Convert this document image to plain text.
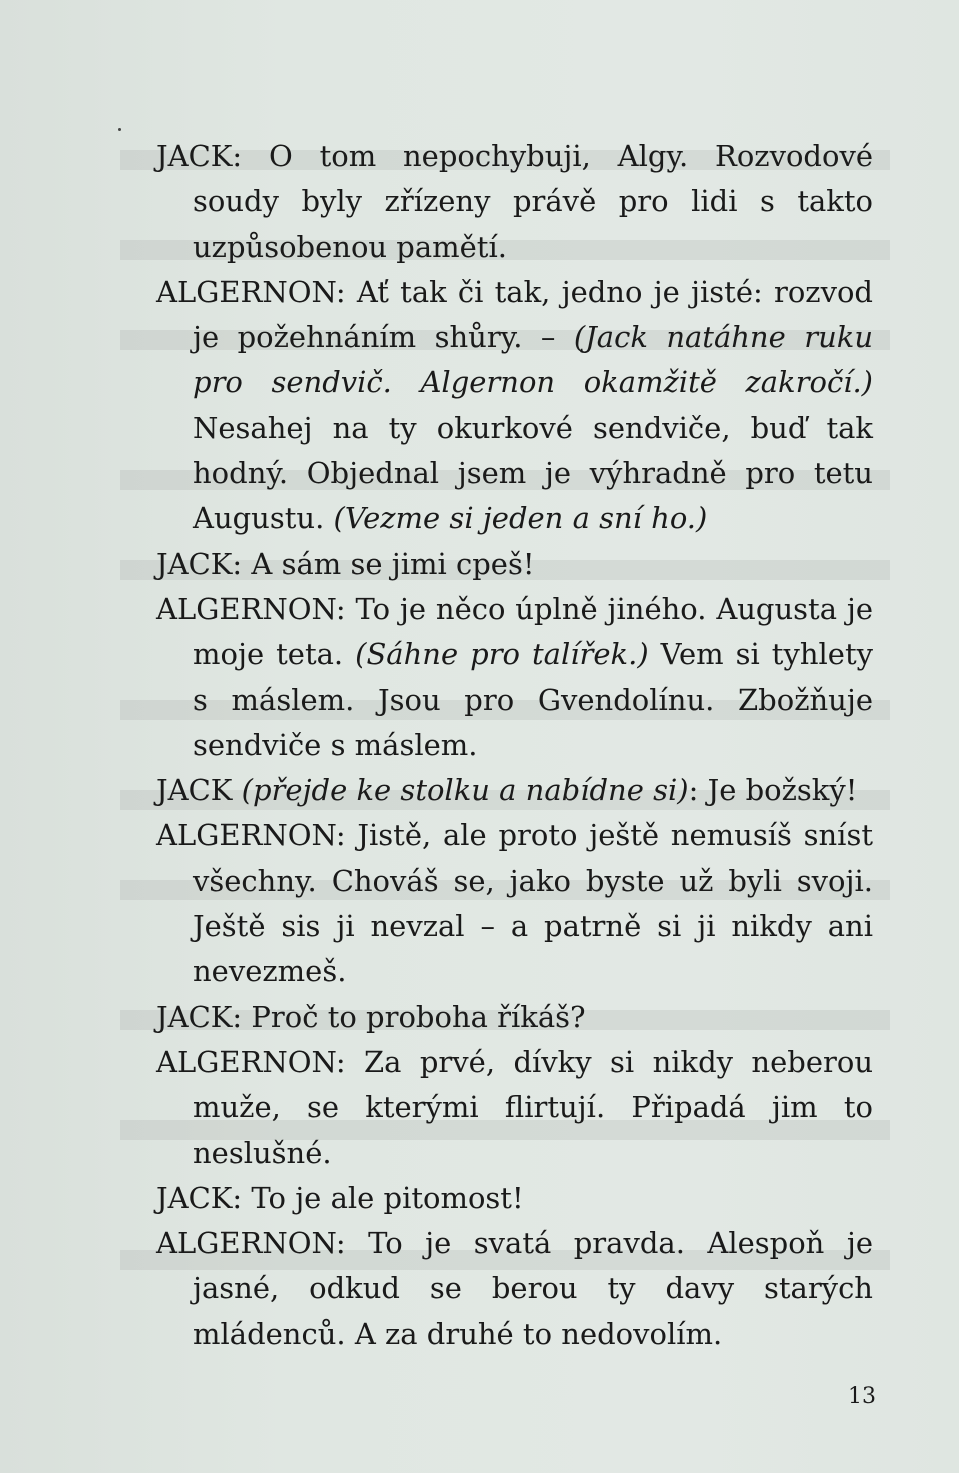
JACK: O tom nepochybuji, Algy. Rozvodové soudy byly zřízeny právě pro lidi s takto uzpůsobenou pamětí.

ALGERNON: Ať tak či tak, jedno je jisté: rozvod je požehnáním shůry. – (Jack natáhne ruku pro sendvič. Algernon okamžitě zakročí.) Nesahej na ty okurkové sendviče, buď tak hodný. Objednal jsem je výhradně pro tetu Augustu. (Vezme si jeden a sní ho.)

JACK: A sám se jimi cpeš!

ALGERNON: To je něco úplně jiného. Augusta je moje teta. (Sáhne pro talířek.) Vem si tyhlety s máslem. Jsou pro Gvendolínu. Zbožňuje sendviče s máslem.

JACK (přejde ke stolku a nabídne si): Je božský!

ALGERNON: Jistě, ale proto ještě nemusíš sníst všechny. Chováš se, jako byste už byli svoji. Ještě sis ji nevzal – a patrně si ji nikdy ani nevezmeš.

JACK: Proč to proboha říkáš?

ALGERNON: Za prvé, dívky si nikdy neberou muže, se kterými flirtují. Připadá jim to neslušné.

JACK: To je ale pitomost!

ALGERNON: To je svatá pravda. Alespoň je jasné, odkud se berou ty davy starých mládenců. A za druhé to nedovolím.

13
